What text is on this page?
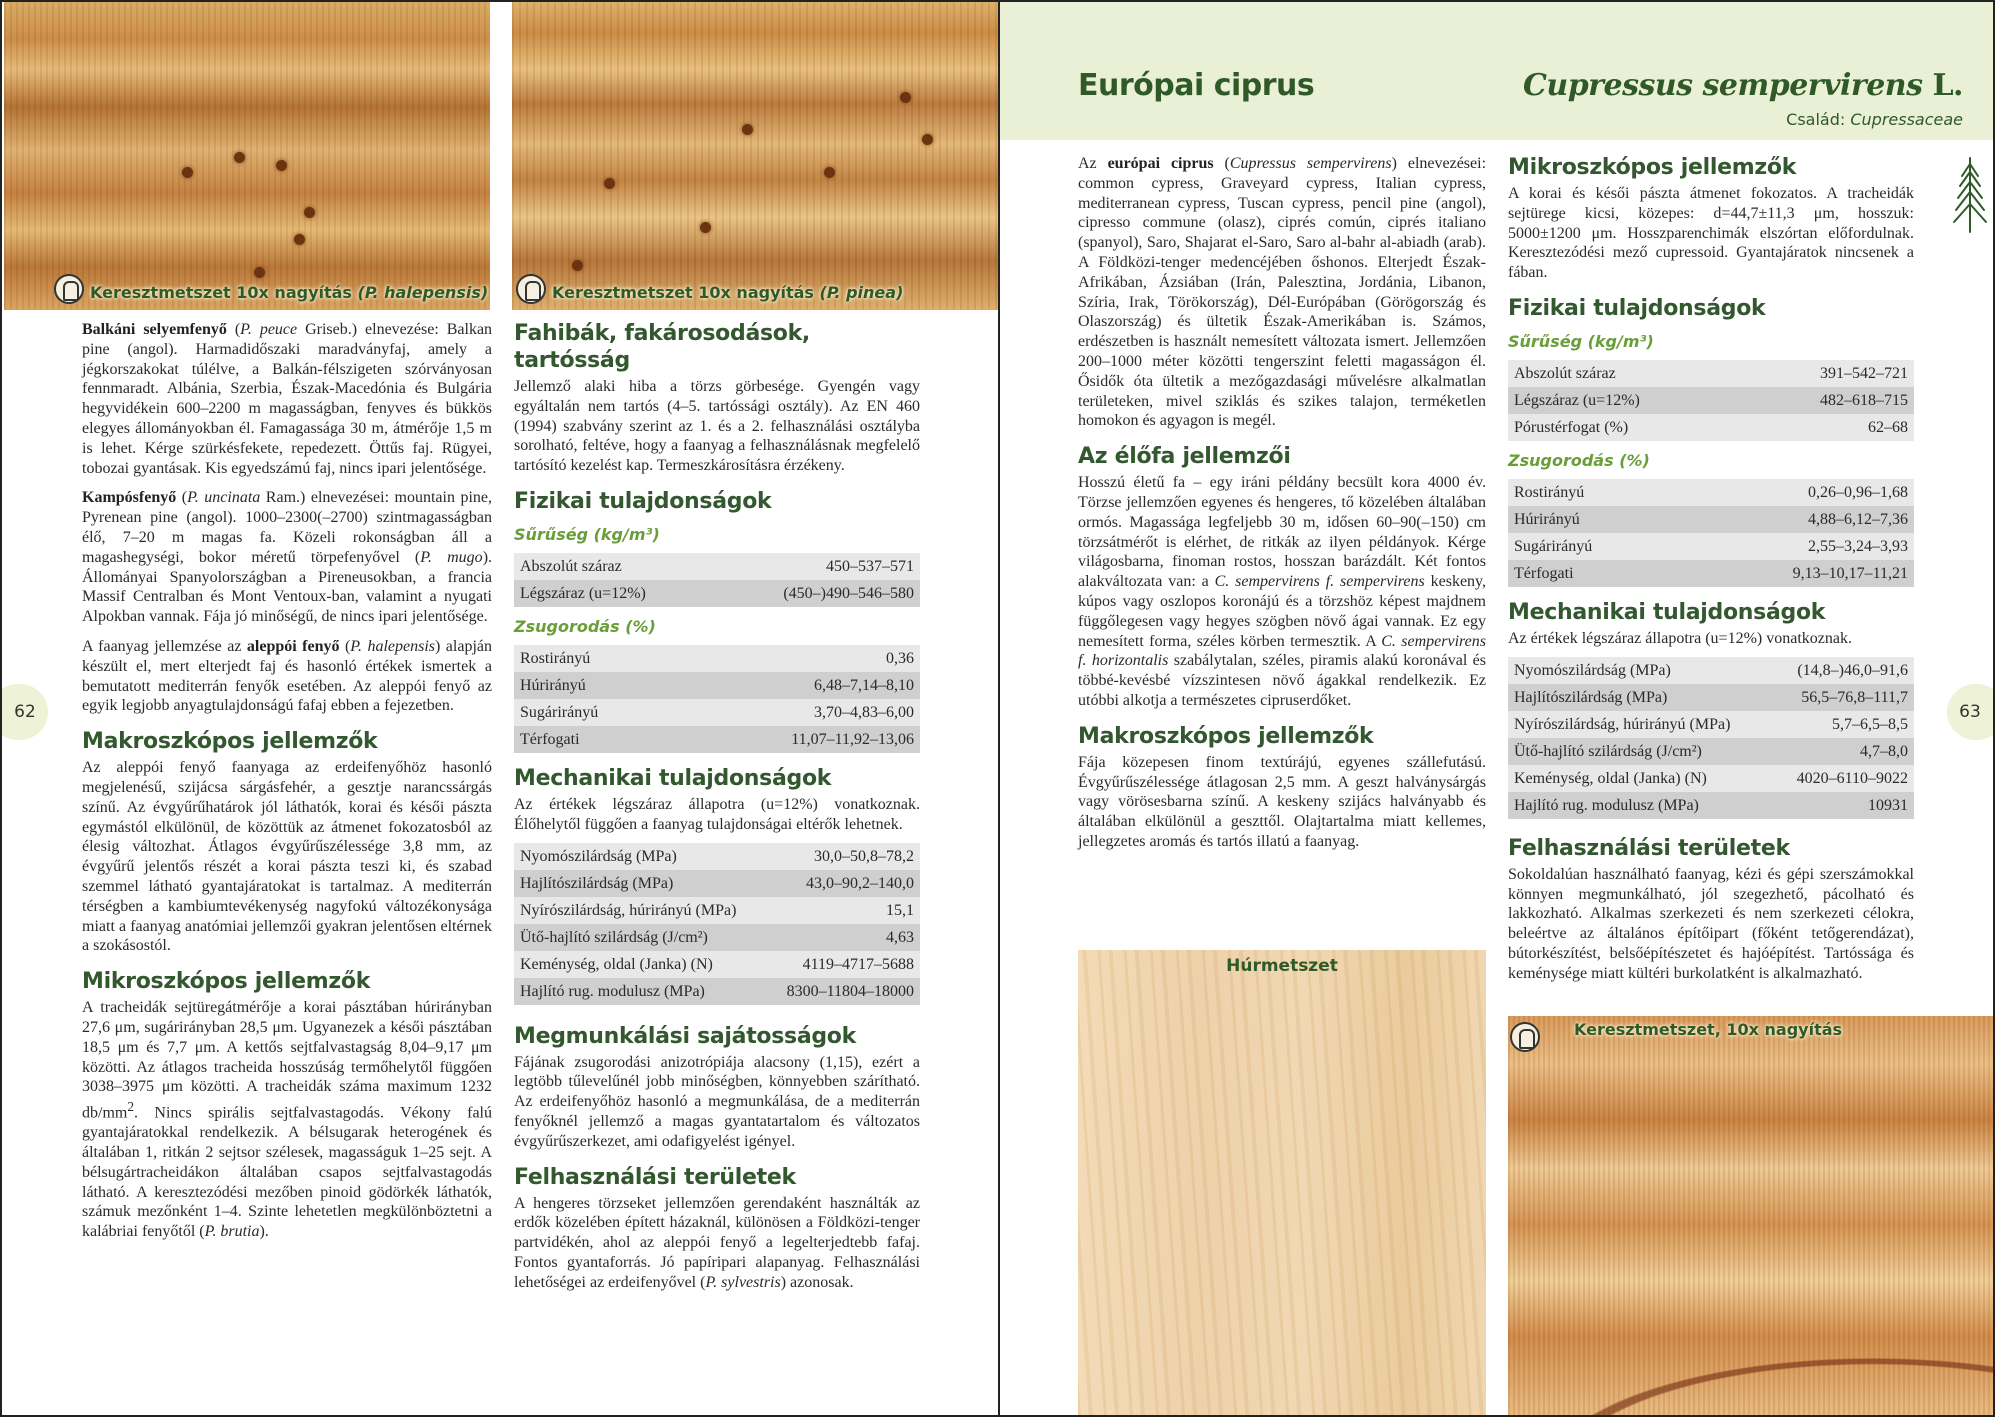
Keresztmetszet 10x nagyítás (P. halepensis)	Keresztmetszet 10x nagyítás (P. pinea)
62
Balkáni selyemfenyő (P. peuce Griseb.) elnevezése: Balkan pine (angol). Harmadidőszaki maradványfaj, amely a jégkorszakokat túlélve, a Balkán-félszigeten szórványosan fennmaradt. Albánia, Szerbia, Észak-Macedónia és Bulgária hegyvidékein 600–2200 m magasságban, fenyves és bükkös elegyes állományokban él. Famagassága 30 m, átmérője 1,5 m is lehet. Kérge szürkésfekete, repedezett. Öttűs faj. Rügyei, tobozai gyantásak. Kis egyedszámú faj, nincs ipari jelentősége.
Kampósfenyő (P. uncinata Ram.) elnevezései: mountain pine, Pyrenean pine (angol). 1000–2300(–2700) szintmagasságban élő, 7–20 m magas fa. Közeli rokonságban áll a magashegységi, bokor méretű törpefenyővel (P. mugo). Állományai Spanyolországban a Pireneusokban, a francia Massif Centralban és Mont Ventoux-ban, valamint a nyugati Alpokban vannak. Fája jó minőségű, de nincs ipari jelentősége.
A faanyag jellemzése az aleppói fenyő (P. halepensis) alapján készült el, mert elterjedt faj és hasonló értékek ismertek a bemutatott mediterrán fenyők esetében. Az aleppói fenyő az egyik legjobb anyagtulajdonságú fafaj ebben a fejezetben.
Makroszkópos jellemzők
Az aleppói fenyő faanyaga az erdeifenyőhöz hasonló megjelenésű, szijácsa sárgásfehér, a gesztje narancssárgás színű. Az évgyűrűhatárok jól láthatók, korai és késői pászta egymástól elkülönül, de közöttük az átmenet fokozatosból az élesig változhat. Átlagos évgyűrűszélessége 3,8 mm, az évgyűrű jelentős részét a korai pászta teszi ki, és szabad szemmel látható gyantajáratokat is tartalmaz. A mediterrán térségben a kambiumtevékenység nagyfokú változékonysága miatt a faanyag anatómiai jellemzői gyakran jelentősen eltérnek a szokásostól.
Mikroszkópos jellemzők
A tracheidák sejtüregátmérője a korai pásztában húrirányban 27,6 μm, sugárirányban 28,5 μm. Ugyanezek a késői pásztában 18,5 μm és 7,7 μm. A kettős sejtfalvastagság 8,04–9,17 μm közötti. Az átlagos tracheida hosszúság termőhelytől függően 3038–3975 μm közötti. A tracheidák száma maximum 1232 $db/mm^2$. Nincs spirális sejtfalvastagodás. Vékony falú gyantajáratokkal rendelkezik. A bélsugarak heterogének és általában 1, ritkán 2 sejtsor szélesek, magasságuk 1–25 sejt. A bélsugártracheidákon általában csapos sejtfalvastagodás látható. A keresztezódési mezőben pinoid gödörkék láthatók, számuk mezőnként 1–4. Szinte lehetetlen megkülönböztetni a kalábriai fenyőtől (P. brutia).
Fahibák, fakárosodások, tartósság
Jellemző alaki hiba a törzs görbesége. Gyengén vagy egyáltalán nem tartós (4–5. tartóssági osztály). Az EN 460 (1994) szabvány szerint az 1. és a 2. felhasználási osztályba sorolható, feltéve, hogy a faanyag a felhasználásnak megfelelő tartósító kezelést kap. Termeszkárosításra érzékeny.
Fizikai tulajdonságok
Sűrűség (kg/m³)
Abszolút száraz	450–537–571
Légszáraz (u=12%)	(450–)490–546–580
Zsugorodás (%)
Rostirányú	0,36
Húrirányú	6,48–7,14–8,10
Sugárirányú	3,70–4,83–6,00
Térfogati	11,07–11,92–13,06
Mechanikai tulajdonságok
Az értékek légszáraz állapotra (u=12%) vonatkoznak. Élőhelytől függően a faanyag tulajdonságai eltérők lehetnek.
Nyomószilárdság (MPa)	30,0–50,8–78,2
Hajlítószilárdság (MPa)	43,0–90,2–140,0
Nyírószilárdság, húrirányú (MPa)	15,1
Ütő-hajlító szilárdság (J/cm²)	4,63
Keménység, oldal (Janka) (N)	4119–4717–5688
Hajlító rug. modulusz (MPa)	8300–11804–18000
Megmunkálási sajátosságok
Fájának zsugorodási anizotrópiája alacsony (1,15), ezért a legtöbb tűlevelűnél jobb minőségben, könnyebben szárítható. Az erdeifenyőhöz hasonló a megmunkálása, de a mediterrán fenyőknél jellemző a magas gyantatartalom és változatos évgyűrűszerkezet, ami odafigyelést igényel.
Felhasználási területek
A hengeres törzseket jellemzően gerendaként használták az erdők közelében épített házaknál, különösen a Földközi-tenger partvidékén, ahol az aleppói fenyő a legelterjedtebb fafaj. Fontos gyantaforrás. Jó papíripari alapanyag. Felhasználási lehetőségei az erdeifenyővel (P. sylvestris) azonosak.
Európai ciprus	Cupressus sempervirens L.
Család: Cupressaceae
63
Az európai ciprus (Cupressus sempervirens) elnevezései: common cypress, Graveyard cypress, Italian cypress, mediterranean cypress, Tuscan cypress, pencil pine (angol), cipresso commune (olasz), ciprés común, ciprés italiano (spanyol), Saro, Shajarat el-Saro, Saro al-bahr al-abiadh (arab). A Földközi-tenger medencéjében őshonos. Elterjedt Észak-Afrikában, Ázsiában (Irán, Palesztina, Jordánia, Libanon, Szíria, Irak, Törökország), Dél-Európában (Görögország és Olaszország) és ültetik Észak-Amerikában is. Számos, erdészetben is használt nemesített változata ismert. Jellemzően 200–1000 méter közötti tengerszint feletti magasságon él. Ősidők óta ültetik a mezőgazdasági művelésre alkalmatlan területeken, mivel sziklás és szikes talajon, terméketlen homokon és agyagon is megél.
Az élőfa jellemzői
Hosszú életű fa – egy iráni példány becsült kora 4000 év. Törzse jellemzően egyenes és hengeres, tő közelében általában ormós. Magassága legfeljebb 30 m, idősen 60–90(–150) cm törzsátmérőt is elérhet, de ritkák az ilyen példányok. Kérge világosbarna, finoman rostos, hosszan barázdált. Két fontos alakváltozata van: a C. sempervirens f. sempervirens keskeny, kúpos vagy oszlopos koronájú és a törzshöz képest majdnem függőlegesen vagy hegyes szögben növő ágai vannak. Ez egy nemesített forma, széles körben termesztik. A C. sempervirens f. horizontalis szabálytalan, széles, piramis alakú koronával és többé-kevésbé vízszintesen növő ágakkal rendelkezik. Ez utóbbi alkotja a természetes cipruserdőket.
Makroszkópos jellemzők
Fája közepesen finom textúrájú, egyenes szállefutású. Évgyűrűszélessége átlagosan 2,5 mm. A geszt halványsárgás vagy vörösesbarna színű. A keskeny szijács halványabb és általában elkülönül a geszttől. Olajtartalma miatt kellemes, jellegzetes aromás és tartós illatú a faanyag.
Húrmetszet
Mikroszkópos jellemzők
A korai és késői pászta átmenet fokozatos. A tracheidák sejtürege kicsi, közepes: d=44,7±11,3 μm, hosszuk: 5000±1200 μm. Hosszparenchimák elszórtan előfordulnak. Keresztezódési mező cupressoid. Gyantajáratok nincsenek a fában.
Fizikai tulajdonságok
Sűrűség (kg/m³)
Abszolút száraz	391–542–721
Légszáraz (u=12%)	482–618–715
Pórustérfogat (%)	62–68
Zsugorodás (%)
Rostirányú	0,26–0,96–1,68
Húrirányú	4,88–6,12–7,36
Sugárirányú	2,55–3,24–3,93
Térfogati	9,13–10,17–11,21
Mechanikai tulajdonságok
Az értékek légszáraz állapotra (u=12%) vonatkoznak.
Nyomószilárdság (MPa)	(14,8–)46,0–91,6
Hajlítószilárdság (MPa)	56,5–76,8–111,7
Nyírószilárdság, húrirányú (MPa)	5,7–6,5–8,5
Ütő-hajlító szilárdság (J/cm²)	4,7–8,0
Keménység, oldal (Janka) (N)	4020–6110–9022
Hajlító rug. modulusz (MPa)	10931
Felhasználási területek
Sokoldalúan használható faanyag, kézi és gépi szerszámokkal könnyen megmunkálható, jól szegezhető, pácolható és lakkozható. Alkalmas szerkezeti és nem szerkezeti célokra, beleértve az általános építőipart (főként tetőgerendázat), bútorkészítést, belsőépítészetet és hajóépítést. Tartóssága és keménysége miatt kültéri burkolatként is alkalmazható.
Keresztmetszet, 10x nagyítás
